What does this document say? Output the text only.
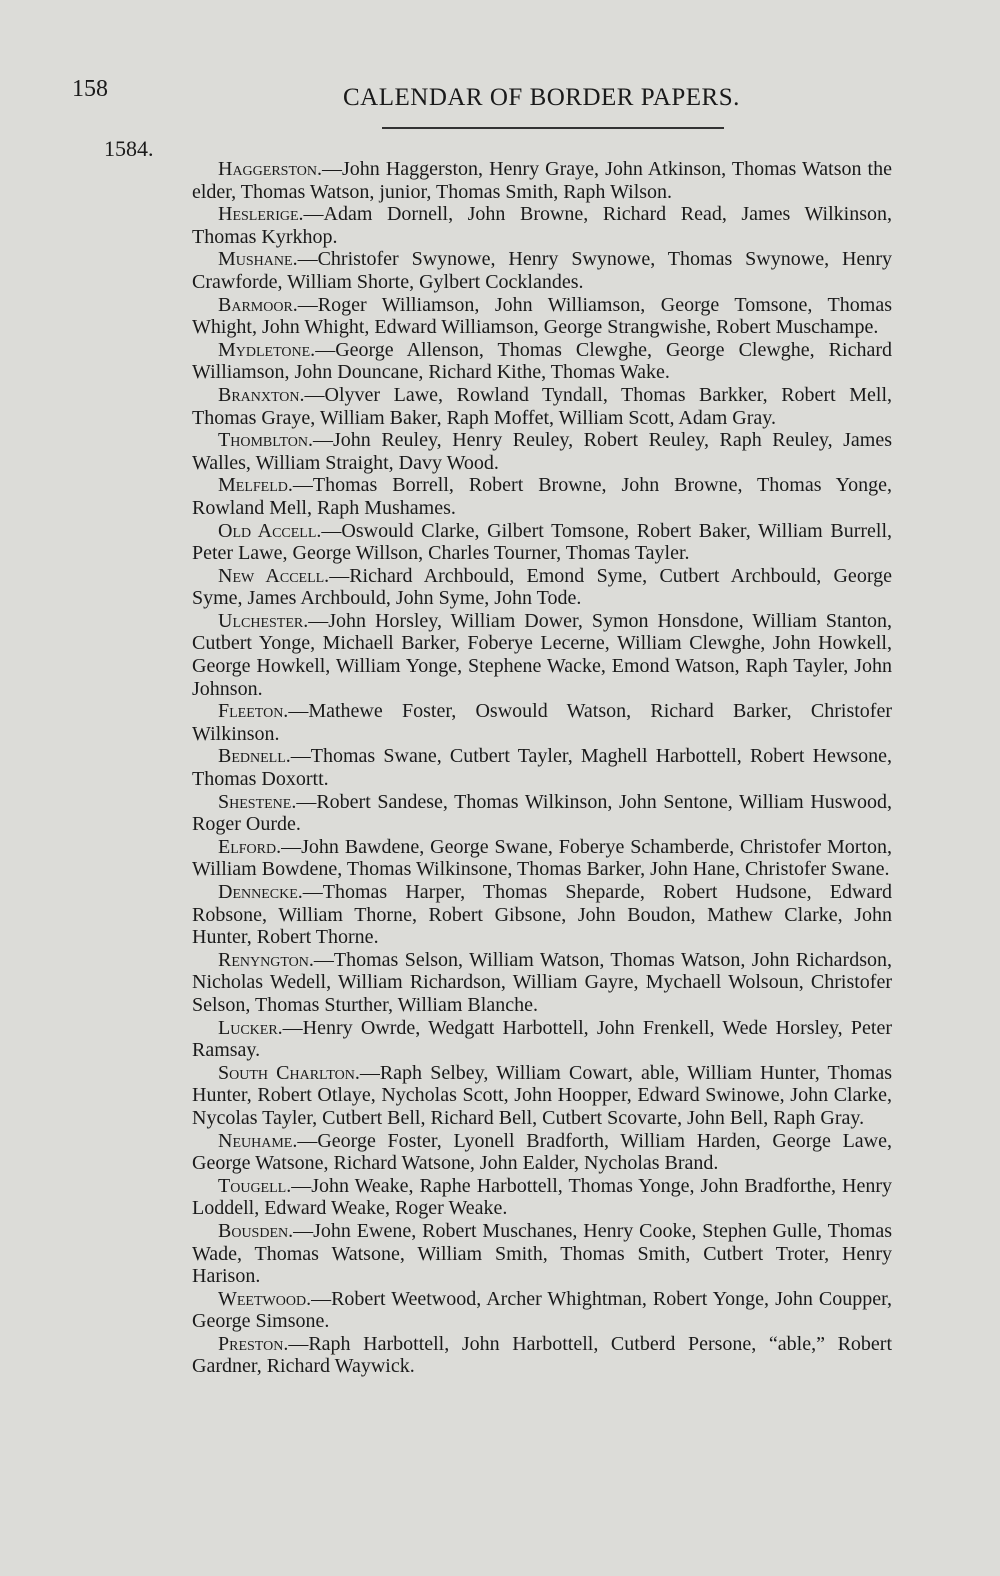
158	CALENDAR OF BORDER PAPERS.
1584.

Haggerston.—John Haggerston, Henry Graye, John Atkinson, Thomas Watson the elder, Thomas Watson, junior, Thomas Smith, Raph Wilson.

Heslerige.—Adam Dornell, John Browne, Richard Read, James Wilkinson, Thomas Kyrkhop.

Mushane.—Christofer Swynowe, Henry Swynowe, Thomas Swynowe, Henry Crawforde, William Shorte, Gylbert Cocklandes.

Barmoor.—Roger Williamson, John Williamson, George Tomsone, Thomas Whight, John Whight, Edward Williamson, George Strangwishe, Robert Muschampe.

Mydletone.—George Allenson, Thomas Clewghe, George Clewghe, Richard Williamson, John Douncane, Richard Kithe, Thomas Wake.

Branxton.—Olyver Lawe, Rowland Tyndall, Thomas Barkker, Robert Mell, Thomas Graye, William Baker, Raph Moffet, William Scott, Adam Gray.

Thomblton.—John Reuley, Henry Reuley, Robert Reuley, Raph Reuley, James Walles, William Straight, Davy Wood.

Melfeld.—Thomas Borrell, Robert Browne, John Browne, Thomas Yonge, Rowland Mell, Raph Mushames.

Old Accell.—Oswould Clarke, Gilbert Tomsone, Robert Baker, William Burrell, Peter Lawe, George Willson, Charles Tourner, Thomas Tayler.

New Accell.—Richard Archbould, Emond Syme, Cutbert Archbould, George Syme, James Archbould, John Syme, John Tode.

Ulchester.—John Horsley, William Dower, Symon Honsdone, William Stanton, Cutbert Yonge, Michaell Barker, Foberye Lecerne, William Clewghe, John Howkell, George Howkell, William Yonge, Stephene Wacke, Emond Watson, Raph Tayler, John Johnson.

Fleeton.—Mathewe Foster, Oswould Watson, Richard Barker, Christofer Wilkinson.

Bednell.—Thomas Swane, Cutbert Tayler, Maghell Harbottell, Robert Hewsone, Thomas Doxortt.

Shestene.—Robert Sandese, Thomas Wilkinson, John Sentone, William Huswood, Roger Ourde.

Elford.—John Bawdene, George Swane, Foberye Schamberde, Christofer Morton, William Bowdene, Thomas Wilkinsone, Thomas Barker, John Hane, Christofer Swane.

Dennecke.—Thomas Harper, Thomas Sheparde, Robert Hudsone, Edward Robsone, William Thorne, Robert Gibsone, John Boudon, Mathew Clarke, John Hunter, Robert Thorne.

Renyngton.—Thomas Selson, William Watson, Thomas Watson, John Richardson, Nicholas Wedell, William Richardson, William Gayre, Mychaell Wolsoun, Christofer Selson, Thomas Sturther, William Blanche.

Lucker.—Henry Owrde, Wedgatt Harbottell, John Frenkell, Wede Horsley, Peter Ramsay.

South Charlton.—Raph Selbey, William Cowart, able, William Hunter, Thomas Hunter, Robert Otlaye, Nycholas Scott, John Hoopper, Edward Swinowe, John Clarke, Nycolas Tayler, Cutbert Bell, Richard Bell, Cutbert Scovarte, John Bell, Raph Gray.

Neuhame.—George Foster, Lyonell Bradforth, William Harden, George Lawe, George Watsone, Richard Watsone, John Ealder, Nycholas Brand.

Tougell.—John Weake, Raphe Harbottell, Thomas Yonge, John Bradforthe, Henry Loddell, Edward Weake, Roger Weake.

Bousden.—John Ewene, Robert Muschanes, Henry Cooke, Stephen Gulle, Thomas Wade, Thomas Watsone, William Smith, Thomas Smith, Cutbert Troter, Henry Harison.

Weetwood.—Robert Weetwood, Archer Whightman, Robert Yonge, John Coupper, George Simsone.

Preston.—Raph Harbottell, John Harbottell, Cutberd Persone, “able,” Robert Gardner, Richard Waywick.
